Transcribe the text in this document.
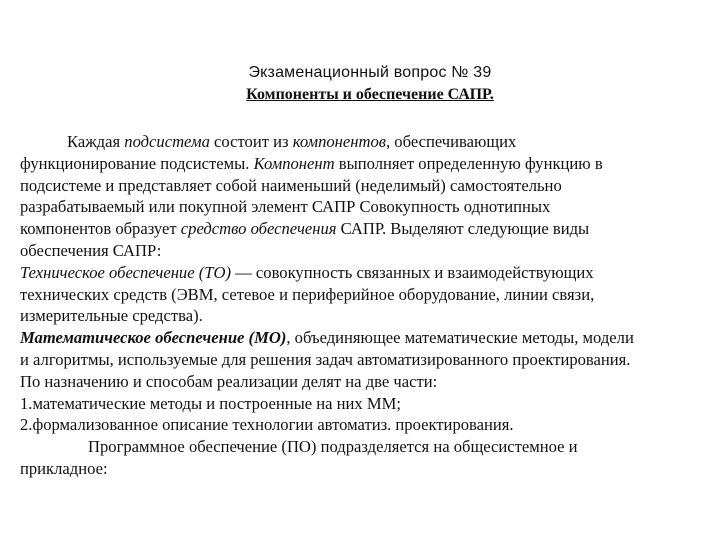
Экзаменационный вопрос № 39
Компоненты и обеспечение САПР.
Каждая подсистема состоит из компонентов, обеспечивающих
функционирование подсистемы. Компонент выполняет определенную функцию в
подсистеме и представляет собой наименьший (неделимый) самостоятельно
разрабатываемый или покупной элемент САПР Совокупность однотипных
компонентов образует средство обеспечения САПР. Выделяют следующие виды
обеспечения САПР:
Техническое обеспечение (ТО) — совокупность связанных и взаимодействующих
технических средств (ЭВМ, сетевое и периферийное оборудование, линии связи,
измерительные средства).
Математическое обеспечение (МО), объединяющее математические методы, модели
и алгоритмы, используемые для решения задач автоматизированного проектирования.
По назначению и способам реализации делят на две части:
1.математические методы и построенные на них ММ;
2.формализованное описание технологии автоматиз. проектирования.
Программное обеспечение (ПО) подразделяется на общесистемное и
прикладное:
